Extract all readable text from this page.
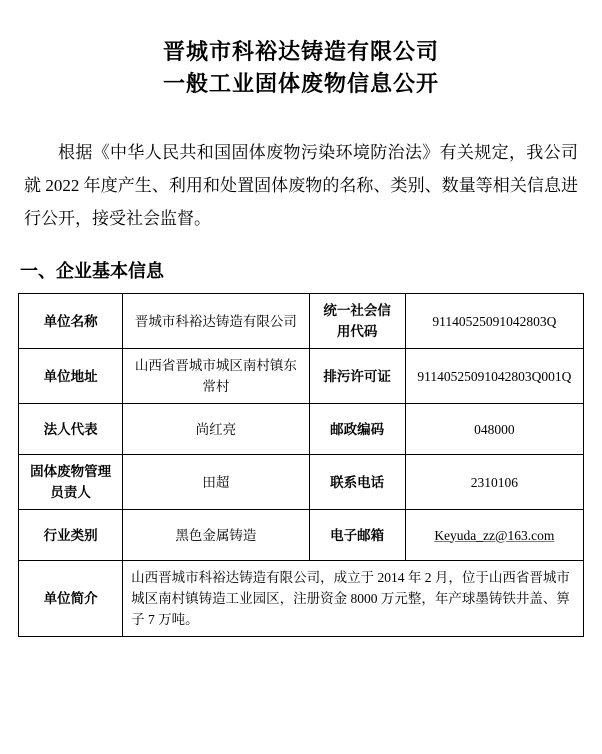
晋城市科裕达铸造有限公司
一般工业固体废物信息公开

根据《中华人民共和国固体废物污染环境防治法》有关规定，我公司就 2022 年度产生、利用和处置固体废物的名称、类别、数量等相关信息进行公开，接受社会监督。

一、企业基本信息
单位名称	晋城市科裕达铸造有限公司	统一社会信用代码	91140525091042803Q
单位地址	山西省晋城市城区南村镇东常村	排污许可证	91140525091042803Q001Q
法人代表	尚红亮	邮政编码	048000
固体废物管理员责人	田超	联系电话	2310106
行业类别	黑色金属铸造	电子邮箱	Keyuda_zz@163.com
单位简介	山西晋城市科裕达铸造有限公司，成立于 2014 年 2 月，位于山西省晋城市城区南村镇铸造工业园区，注册资金 8000 万元整，年产球墨铸铁井盖、箅子 7 万吨。		
